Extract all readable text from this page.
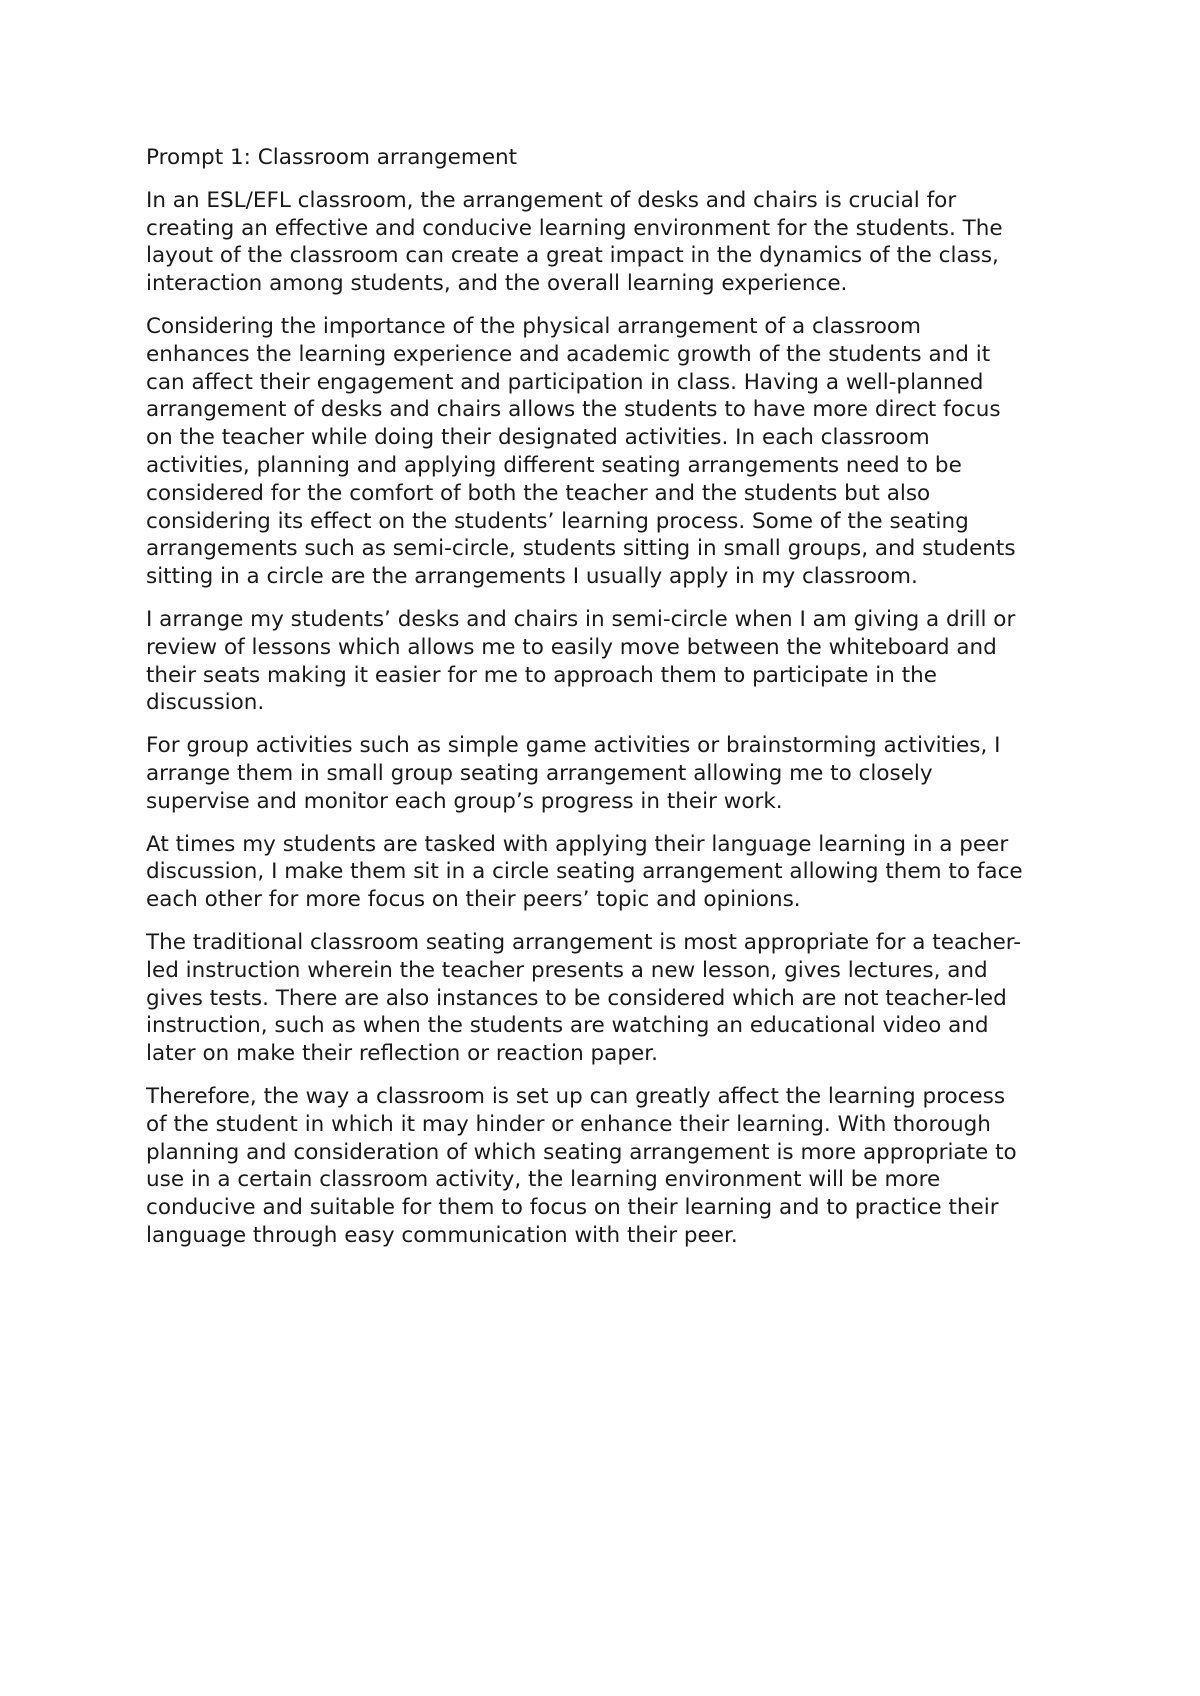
Prompt 1: Classroom arrangement

In an ESL/EFL classroom, the arrangement of desks and chairs is crucial for
creating an effective and conducive learning environment for the students. The
layout of the classroom can create a great impact in the dynamics of the class,
interaction among students, and the overall learning experience.

Considering the importance of the physical arrangement of a classroom
enhances the learning experience and academic growth of the students and it
can affect their engagement and participation in class. Having a well-planned
arrangement of desks and chairs allows the students to have more direct focus
on the teacher while doing their designated activities. In each classroom
activities, planning and applying different seating arrangements need to be
considered for the comfort of both the teacher and the students but also
considering its effect on the students’ learning process. Some of the seating
arrangements such as semi-circle, students sitting in small groups, and students
sitting in a circle are the arrangements I usually apply in my classroom.

I arrange my students’ desks and chairs in semi-circle when I am giving a drill or
review of lessons which allows me to easily move between the whiteboard and
their seats making it easier for me to approach them to participate in the
discussion.

For group activities such as simple game activities or brainstorming activities, I
arrange them in small group seating arrangement allowing me to closely
supervise and monitor each group’s progress in their work.

At times my students are tasked with applying their language learning in a peer
discussion, I make them sit in a circle seating arrangement allowing them to face
each other for more focus on their peers’ topic and opinions.

The traditional classroom seating arrangement is most appropriate for a teacher-
led instruction wherein the teacher presents a new lesson, gives lectures, and
gives tests. There are also instances to be considered which are not teacher-led
instruction, such as when the students are watching an educational video and
later on make their reflection or reaction paper.

Therefore, the way a classroom is set up can greatly affect the learning process
of the student in which it may hinder or enhance their learning. With thorough
planning and consideration of which seating arrangement is more appropriate to
use in a certain classroom activity, the learning environment will be more
conducive and suitable for them to focus on their learning and to practice their
language through easy communication with their peer.
